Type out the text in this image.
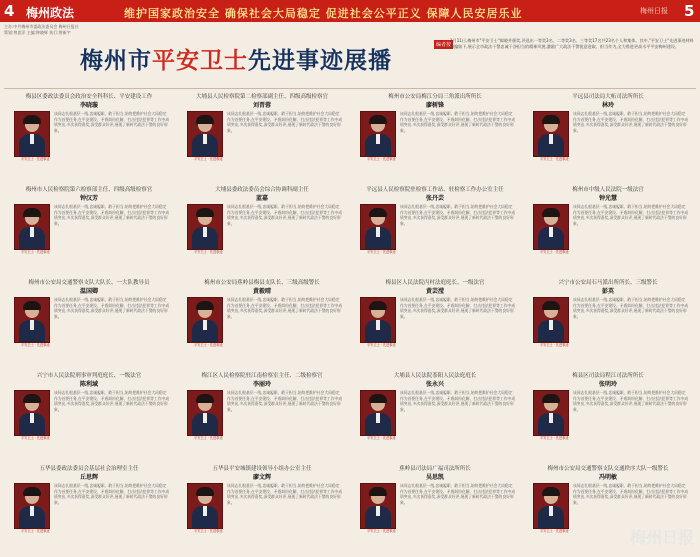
4 梅州政法	维护国家政治安全 确保社会大局稳定 促进社会公平正义 保障人民安居乐业	梅州日报 5
主办:中共梅州市委政法委员会 梅州日报社
策划:曾思洋 主编:钟晓辉 执行:曾新宇
梅州市平安卫士先进事迹展播
编者按
1月11日,梅州市"平安卫士"揭晓并颁奖,评选出一等奖3名、二等奖3名、三等奖17名共23名个人和集体。其中,"平安卫士"先进事迹材料摘编如下,展示全市政法干警忠诚干净担当的精神风貌,激励广大政法干警锐意进取、担当作为,全力推进更高水平平安梅州建设。
梅县区委政法委员会政治安全科科长、平安建设工作
李晓璇
平安卫士 · 先进事迹
该同志扎根基层一线,忠诚履职、敢于担当,始终把维护社会大局稳定作为首要任务,在平安建设、矛盾纠纷化解、打击违法犯罪等工作中成绩突出,多次获得嘉奖,深受群众好评,展现了新时代政法干警的良好形象。
大埔县人民检察院第二检察部副主任、四级高级检察官
刘晋蓉
平安卫士 · 先进事迹
该同志扎根基层一线,忠诚履职、敢于担当,始终把维护社会大局稳定作为首要任务,在平安建设、矛盾纠纷化解、打击违法犯罪等工作中成绩突出,多次获得嘉奖,深受群众好评,展现了新时代政法干警的良好形象。
梅州市公安局梅江分局三角派出所所长
廖树锋
平安卫士 · 先进事迹
该同志扎根基层一线,忠诚履职、敢于担当,始终把维护社会大局稳定作为首要任务,在平安建设、矛盾纠纷化解、打击违法犯罪等工作中成绩突出,多次获得嘉奖,深受群众好评,展现了新时代政法干警的良好形象。
平远县司法局大柘司法所所长
林玲
平安卫士 · 先进事迹
该同志扎根基层一线,忠诚履职、敢于担当,始终把维护社会大局稳定作为首要任务,在平安建设、矛盾纠纷化解、打击违法犯罪等工作中成绩突出,多次获得嘉奖,深受群众好评,展现了新时代政法干警的良好形象。
梅州市人民检察院第六检察部主任、四级高级检察官
钟汉芳
平安卫士 · 先进事迹
该同志扎根基层一线,忠诚履职、敢于担当,始终把维护社会大局稳定作为首要任务,在平安建设、矛盾纠纷化解、打击违法犯罪等工作中成绩突出,多次获得嘉奖,深受群众好评,展现了新时代政法干警的良好形象。
大埔县委政法委员会综合协调科副主任
蓝嘉
平安卫士 · 先进事迹
该同志扎根基层一线,忠诚履职、敢于担当,始终把维护社会大局稳定作为首要任务,在平安建设、矛盾纠纷化解、打击违法犯罪等工作中成绩突出,多次获得嘉奖,深受群众好评,展现了新时代政法干警的良好形象。
平远县人民检察院驻检察工作站、驻检察工作办公室主任
张丹芸
平安卫士 · 先进事迹
该同志扎根基层一线,忠诚履职、敢于担当,始终把维护社会大局稳定作为首要任务,在平安建设、矛盾纠纷化解、打击违法犯罪等工作中成绩突出,多次获得嘉奖,深受群众好评,展现了新时代政法干警的良好形象。
梅州市中级人民法院一级法官
钟光慧
平安卫士 · 先进事迹
该同志扎根基层一线,忠诚履职、敢于担当,始终把维护社会大局稳定作为首要任务,在平安建设、矛盾纠纷化解、打击违法犯罪等工作中成绩突出,多次获得嘉奖,深受群众好评,展现了新时代政法干警的良好形象。
梅州市公安局交通警察支队大队长、一大队教导员
温国卿
平安卫士 · 先进事迹
该同志扎根基层一线,忠诚履职、敢于担当,始终把维护社会大局稳定作为首要任务,在平安建设、矛盾纠纷化解、打击违法犯罪等工作中成绩突出,多次获得嘉奖,深受群众好评,展现了新时代政法干警的良好形象。
梅州市公安局蕉岭县梅县支队长、三级高级警长
黄毅晴
平安卫士 · 先进事迹
该同志扎根基层一线,忠诚履职、敢于担当,始终把维护社会大局稳定作为首要任务,在平安建设、矛盾纠纷化解、打击违法犯罪等工作中成绩突出,多次获得嘉奖,深受群众好评,展现了新时代政法干警的良好形象。
梅县区人民法院丙村法庭庭长、一级法官
黄芸滢
平安卫士 · 先进事迹
该同志扎根基层一线,忠诚履职、敢于担当,始终把维护社会大局稳定作为首要任务,在平安建设、矛盾纠纷化解、打击违法犯罪等工作中成绩突出,多次获得嘉奖,深受群众好评,展现了新时代政法干警的良好形象。
兴宁市公安局石马派出所所长、三级警长
彭英
平安卫士 · 先进事迹
该同志扎根基层一线,忠诚履职、敢于担当,始终把维护社会大局稳定作为首要任务,在平安建设、矛盾纠纷化解、打击违法犯罪等工作中成绩突出,多次获得嘉奖,深受群众好评,展现了新时代政法干警的良好形象。
兴宁市人民法院刑事审判庭庭长、一级法官
陈利域
平安卫士 · 先进事迹
该同志扎根基层一线,忠诚履职、敢于担当,始终把维护社会大局稳定作为首要任务,在平安建设、矛盾纠纷化解、打击违法犯罪等工作中成绩突出,多次获得嘉奖,深受群众好评,展现了新时代政法干警的良好形象。
梅江区人民检察院驻江南检察室主任、二级检察官
李丽玲
平安卫士 · 先进事迹
该同志扎根基层一线,忠诚履职、敢于担当,始终把维护社会大局稳定作为首要任务,在平安建设、矛盾纠纷化解、打击违法犯罪等工作中成绩突出,多次获得嘉奖,深受群众好评,展现了新时代政法干警的良好形象。
大埔县人民法院茶阳人民法庭庭长
张永兴
平安卫士 · 先进事迹
该同志扎根基层一线,忠诚履职、敢于担当,始终把维护社会大局稳定作为首要任务,在平安建设、矛盾纠纷化解、打击违法犯罪等工作中成绩突出,多次获得嘉奖,深受群众好评,展现了新时代政法干警的良好形象。
梅县区司法局程江司法所所长
张明玲
平安卫士 · 先进事迹
该同志扎根基层一线,忠诚履职、敢于担当,始终把维护社会大局稳定作为首要任务,在平安建设、矛盾纠纷化解、打击违法犯罪等工作中成绩突出,多次获得嘉奖,深受群众好评,展现了新时代政法干警的良好形象。
五华县委政法委员会基层社会治理室主任
丘思辉
平安卫士 · 先进事迹
该同志扎根基层一线,忠诚履职、敢于担当,始终把维护社会大局稳定作为首要任务,在平安建设、矛盾纠纷化解、打击违法犯罪等工作中成绩突出,多次获得嘉奖,深受群众好评,展现了新时代政法干警的良好形象。
五华县平安城镇建设领导小组办公室主任
廖文辉
平安卫士 · 先进事迹
该同志扎根基层一线,忠诚履职、敢于担当,始终把维护社会大局稳定作为首要任务,在平安建设、矛盾纠纷化解、打击违法犯罪等工作中成绩突出,多次获得嘉奖,深受群众好评,展现了新时代政法干警的良好形象。
蕉岭县司法局广福司法所所长
吴思凯
平安卫士 · 先进事迹
该同志扎根基层一线,忠诚履职、敢于担当,始终把维护社会大局稳定作为首要任务,在平安建设、矛盾纠纷化解、打击违法犯罪等工作中成绩突出,多次获得嘉奖,深受群众好评,展现了新时代政法干警的良好形象。
梅州市公安局交通警察支队交通秩序大队一级警长
冯明敏
平安卫士 · 先进事迹
该同志扎根基层一线,忠诚履职、敢于担当,始终把维护社会大局稳定作为首要任务,在平安建设、矛盾纠纷化解、打击违法犯罪等工作中成绩突出,多次获得嘉奖,深受群众好评,展现了新时代政法干警的良好形象。
梅州日报
